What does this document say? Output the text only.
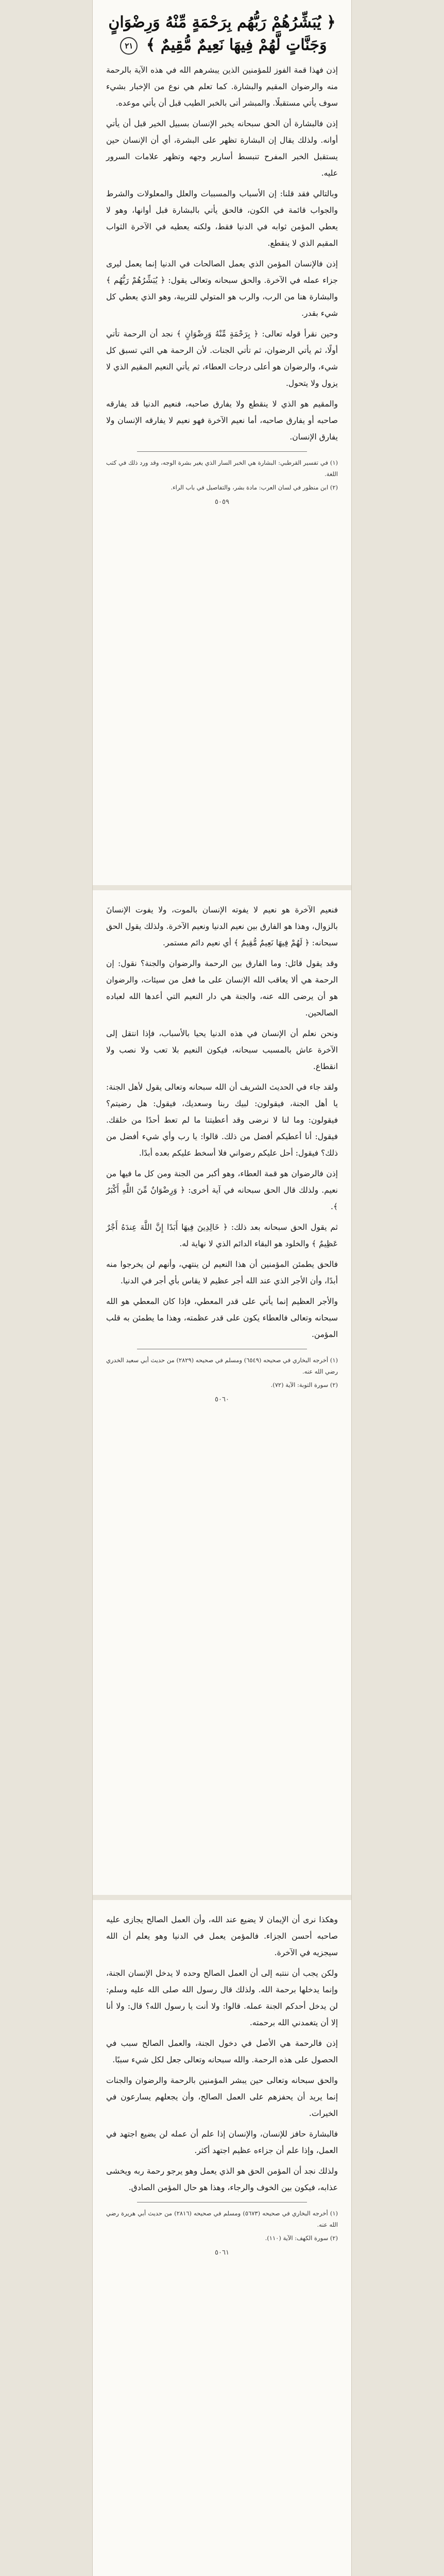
﴿ يُبَشِّرُهُمْ رَبُّهُم بِرَحْمَةٍ مِّنْهُ وَرِضْوَانٍ وَجَنَّاتٍ لَّهُمْ فِيهَا نَعِيمٌ مُّقِيمٌ ﴾ ٢١

إذن فهذا قمة الفوز للمؤمنين الذين يبشرهم الله في هذه الآية بالرحمة منه والرضوان المقيم والبشارة. كما تعلم هي نوع من الإخبار بشيء سوف يأتي مستقبلًا. والمبشر أتى بالخبر الطيب قبل أن يأتي موعده.

إذن فالبشارة أن الحق سبحانه يخبر الإنسان بسبيل الخير قبل أن يأتي أوانه. ولذلك يقال إن البشارة تظهر على البشرة، أي أن الإنسان حين يستقبل الخبر المفرح تنبسط أسارير وجهه وتظهر علامات السرور عليه.

وبالتالي فقد قلنا: إن الأسباب والمسببات والعلل والمعلولات والشرط والجواب قائمة في الكون، فالحق يأتي بالبشارة قبل أوانها، وهو لا يعطي المؤمن ثوابه في الدنيا فقط، ولكنه يعطيه في الآخرة الثواب المقيم الذي لا ينقطع.

إذن فالإنسان المؤمن الذي يعمل الصالحات في الدنيا إنما يعمل ليرى جزاء عمله في الآخرة. والحق سبحانه وتعالى يقول: ﴿ يُبَشِّرُهُمْ رَبُّهُم ﴾ والبشارة هنا من الرب، والرب هو المتولي للتربية، وهو الذي يعطي كل شيء بقدر.

وحين نقرأ قوله تعالى: ﴿ بِرَحْمَةٍ مِّنْهُ وَرِضْوَانٍ ﴾ نجد أن الرحمة تأتي أولًا، ثم يأتي الرضوان، ثم تأتي الجنات. لأن الرحمة هي التي تسبق كل شيء، والرضوان هو أعلى درجات العطاء، ثم يأتي النعيم المقيم الذي لا يزول ولا يتحول.

والمقيم هو الذي لا ينقطع ولا يفارق صاحبه، فنعيم الدنيا قد يفارقه صاحبه أو يفارق صاحبه، أما نعيم الآخرة فهو نعيم لا يفارقه الإنسان ولا يفارق الإنسان.

(١) في تفسير القرطبي: البشارة هي الخبر السار الذي يغير بشرة الوجه، وقد ورد ذلك في كتب اللغة.

(٢) ابن منظور في لسان العرب: مادة بشر، والتفاصيل في باب الراء.

٥٠٥٩

فنعيم الآخرة هو نعيم لا يفوته الإنسان بالموت، ولا يفوت الإنسانَ بالزوال، وهذا هو الفارق بين نعيم الدنيا ونعيم الآخرة. ولذلك يقول الحق سبحانه: ﴿ لَهُمْ فِيهَا نَعِيمٌ مُّقِيمٌ ﴾ أي نعيم دائم مستمر.

وقد يقول قائل: وما الفارق بين الرحمة والرضوان والجنة؟ نقول: إن الرحمة هي ألا يعاقب الله الإنسان على ما فعل من سيئات، والرضوان هو أن يرضى الله عنه، والجنة هي دار النعيم التي أعدها الله لعباده الصالحين.

ونحن نعلم أن الإنسان في هذه الدنيا يحيا بالأسباب، فإذا انتقل إلى الآخرة عاش بالمسبب سبحانه، فيكون النعيم بلا تعب ولا نصب ولا انقطاع.

ولقد جاء في الحديث الشريف أن الله سبحانه وتعالى يقول لأهل الجنة: يا أهل الجنة، فيقولون: لبيك ربنا وسعديك، فيقول: هل رضيتم؟ فيقولون: وما لنا لا نرضى وقد أعطيتنا ما لم تعط أحدًا من خلقك. فيقول: أنا أعطيكم أفضل من ذلك. قالوا: يا رب وأي شيء أفضل من ذلك؟ فيقول: أحل عليكم رضواني فلا أسخط عليكم بعده أبدًا.

إذن فالرضوان هو قمة العطاء، وهو أكبر من الجنة ومن كل ما فيها من نعيم. ولذلك قال الحق سبحانه في آية أخرى: ﴿ وَرِضْوَانٌ مِّنَ اللَّهِ أَكْبَرُ ﴾.

ثم يقول الحق سبحانه بعد ذلك: ﴿ خَالِدِينَ فِيهَا أَبَدًا إِنَّ اللَّهَ عِندَهُ أَجْرٌ عَظِيمٌ ﴾ والخلود هو البقاء الدائم الذي لا نهاية له.

فالحق يطمئن المؤمنين أن هذا النعيم لن ينتهي، وأنهم لن يخرجوا منه أبدًا، وأن الأجر الذي عند الله أجر عظيم لا يقاس بأي أجر في الدنيا.

والأجر العظيم إنما يأتي على قدر المعطي، فإذا كان المعطي هو الله سبحانه وتعالى فالعطاء يكون على قدر عظمته، وهذا ما يطمئن به قلب المؤمن.

(١) أخرجه البخاري في صحيحه (٦٥٤٩) ومسلم في صحيحه (٢٨٢٩) من حديث أبي سعيد الخدري رضي الله عنه.

(٢) سورة التوبة: الآية (٧٢).

٥٠٦٠

وهكذا نرى أن الإيمان لا يضيع عند الله، وأن العمل الصالح يجازى عليه صاحبه أحسن الجزاء. فالمؤمن يعمل في الدنيا وهو يعلم أن الله سيجزيه في الآخرة.

ولكن يجب أن ننتبه إلى أن العمل الصالح وحده لا يدخل الإنسان الجنة، وإنما يدخلها برحمة الله. ولذلك قال رسول الله صلى الله عليه وسلم: لن يدخل أحدكم الجنة عمله. قالوا: ولا أنت يا رسول الله؟ قال: ولا أنا إلا أن يتغمدني الله برحمته.

إذن فالرحمة هي الأصل في دخول الجنة، والعمل الصالح سبب في الحصول على هذه الرحمة. والله سبحانه وتعالى جعل لكل شيء سببًا.

والحق سبحانه وتعالى حين يبشر المؤمنين بالرحمة والرضوان والجنات إنما يريد أن يحفزهم على العمل الصالح، وأن يجعلهم يسارعون في الخيرات.

فالبشارة حافز للإنسان، والإنسان إذا علم أن عمله لن يضيع اجتهد في العمل، وإذا علم أن جزاءه عظيم اجتهد أكثر.

ولذلك نجد أن المؤمن الحق هو الذي يعمل وهو يرجو رحمة ربه ويخشى عذابه، فيكون بين الخوف والرجاء، وهذا هو حال المؤمن الصادق.

(١) أخرجه البخاري في صحيحه (٥٦٧٣) ومسلم في صحيحه (٢٨١٦) من حديث أبي هريرة رضي الله عنه.

(٢) سورة الكهف: الآية (١١٠).

٥٠٦١
